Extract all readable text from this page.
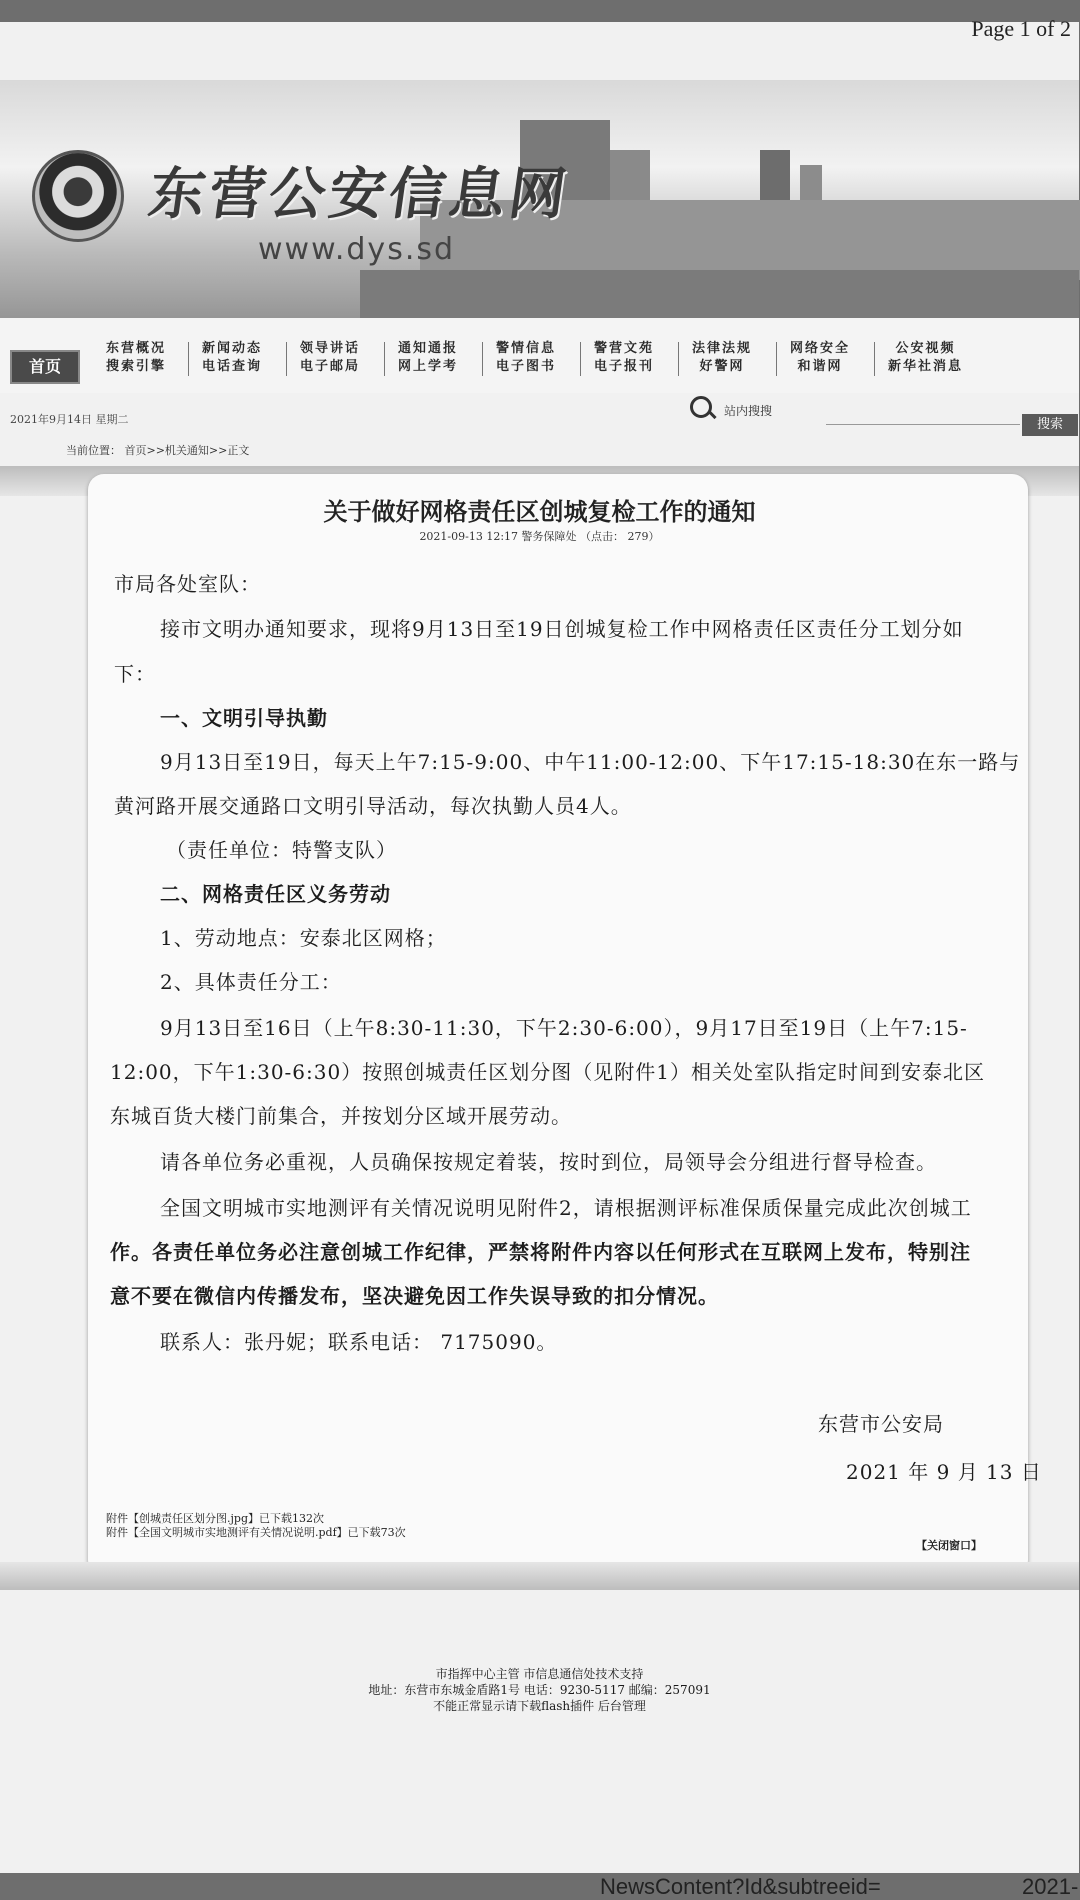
Page 1 of 2
东营公安信息网
www.dys.sd
首页
东营概况
搜索引擎
新闻动态
电话查询
领导讲话
电子邮局
通知通报
网上学考
警情信息
电子图书
警营文苑
电子报刊
法律法规
好警网
网络安全
和谐网
公安视频
新华社消息
2021年9月14日 星期二
站内搜搜
搜索
当前位置： 首页>>机关通知>>正文
关于做好网格责任区创城复检工作的通知
2021-09-13 12:17 警务保障处 （点击： 279）
市局各处室队：
接市文明办通知要求，现将9月13日至19日创城复检工作中网格责任区责任分工划分如
下：
一、文明引导执勤
9月13日至19日，每天上午7:15-9:00、中午11:00-12:00、下午17:15-18:30在东一路与
黄河路开展交通路口文明引导活动，每次执勤人员4人。
（责任单位：特警支队）
二、网格责任区义务劳动
1、劳动地点：安泰北区网格；
2、具体责任分工：
9月13日至16日（上午8:30-11:30，下午2:30-6:00），9月17日至19日（上午7:15-
12:00，下午1:30-6:30）按照创城责任区划分图（见附件1）相关处室队指定时间到安泰北区
东城百货大楼门前集合，并按划分区域开展劳动。
请各单位务必重视，人员确保按规定着装，按时到位，局领导会分组进行督导检查。
全国文明城市实地测评有关情况说明见附件2，请根据测评标准保质保量完成此次创城工
作。各责任单位务必注意创城工作纪律，严禁将附件内容以任何形式在互联网上发布，特别注
意不要在微信内传播发布，坚决避免因工作失误导致的扣分情况。
联系人：张丹妮；联系电话： 7175090。
东营市公安局
2021 年 9 月 13 日
附件【创城责任区划分图.jpg】已下载132次
附件【全国文明城市实地测评有关情况说明.pdf】已下载73次
【关闭窗口】
市指挥中心主管 市信息通信处技术支持
地址：东营市东城金盾路1号 电话：9230-5117 邮编：257091
不能正常显示请下载flash插件 后台管理
NewsContent?Id&subtreeid=	2021-
